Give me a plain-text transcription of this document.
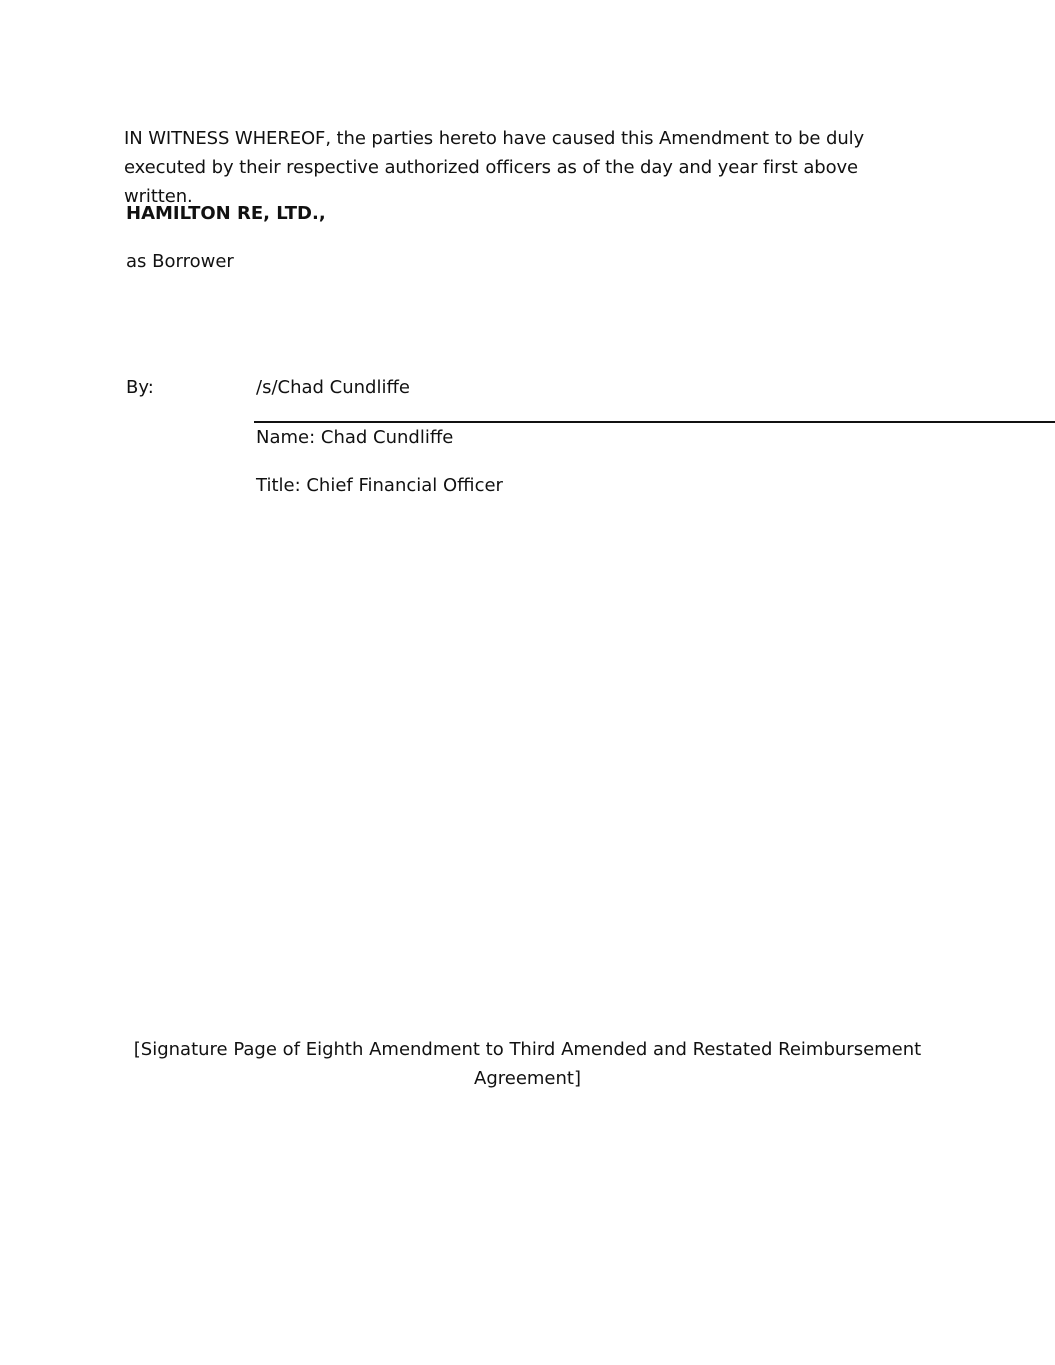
IN WITNESS WHEREOF, the parties hereto have caused this Amendment to be duly executed by their respective authorized officers as of the day and year first above written.
HAMILTON RE, LTD.,
as Borrower
By:	/s/Chad Cundliffe
Name: Chad Cundliffe
Title: Chief Financial Officer
[Signature Page of Eighth Amendment to Third Amended and Restated Reimbursement Agreement]
